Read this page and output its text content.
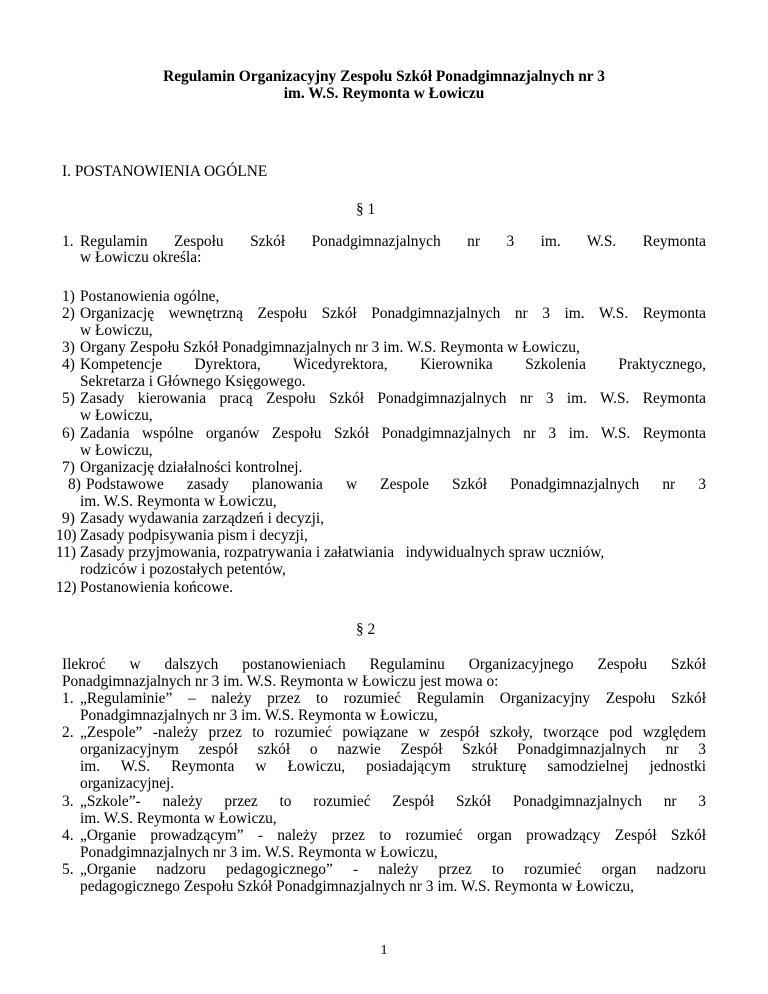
Regulamin Organizacyjny Zespołu Szkół Ponadgimnazjalnych nr 3
im. W.S. Reymonta w Łowiczu
I. POSTANOWIENIA OGÓLNE
§ 1
1. Regulamin Zespołu Szkół Ponadgimnazjalnych nr 3 im. W.S. Reymonta
w Łowiczu określa:
1) Postanowienia ogólne,
2) Organizację wewnętrzną Zespołu Szkół Ponadgimnazjalnych nr 3 im. W.S. Reymonta
w Łowiczu,
3) Organy Zespołu Szkół Ponadgimnazjalnych nr 3 im. W.S. Reymonta w Łowiczu,
4) Kompetencje Dyrektora, Wicedyrektora, Kierownika Szkolenia Praktycznego,
Sekretarza i Głównego Księgowego.
5) Zasady kierowania pracą Zespołu Szkół Ponadgimnazjalnych nr 3 im. W.S. Reymonta
w Łowiczu,
6) Zadania wspólne organów Zespołu Szkół Ponadgimnazjalnych nr 3 im. W.S. Reymonta
w Łowiczu,
7) Organizację działalności kontrolnej.
8) Podstawowe zasady planowania w Zespole Szkół Ponadgimnazjalnych nr 3
im. W.S. Reymonta w Łowiczu,
9) Zasady wydawania zarządzeń i decyzji,
10) Zasady podpisywania pism i decyzji,
11) Zasady przyjmowania, rozpatrywania i załatwiania   indywidualnych spraw uczniów,
rodziców i pozostałych petentów,
12) Postanowienia końcowe.
§ 2
Ilekroć w dalszych postanowieniach Regulaminu Organizacyjnego Zespołu Szkół
Ponadgimnazjalnych nr 3 im. W.S. Reymonta w Łowiczu jest mowa o:
1. „Regulaminie” – należy przez to rozumieć Regulamin Organizacyjny Zespołu Szkół
Ponadgimnazjalnych nr 3 im. W.S. Reymonta w Łowiczu,
2. „Zespole” -należy przez to rozumieć powiązane w zespół szkoły, tworzące pod względem
organizacyjnym zespół szkół o nazwie Zespół Szkół Ponadgimnazjalnych nr 3
im. W.S. Reymonta w Łowiczu, posiadającym strukturę samodzielnej jednostki
organizacyjnej.
3. „Szkole”- należy przez to rozumieć Zespół Szkół Ponadgimnazjalnych nr 3
im. W.S. Reymonta w Łowiczu,
4. „Organie prowadzącym” - należy przez to rozumieć organ prowadzący Zespół Szkół
Ponadgimnazjalnych nr 3 im. W.S. Reymonta w Łowiczu,
5. „Organie nadzoru pedagogicznego” - należy przez to rozumieć organ nadzoru
pedagogicznego Zespołu Szkół Ponadgimnazjalnych nr 3 im. W.S. Reymonta w Łowiczu,
1
